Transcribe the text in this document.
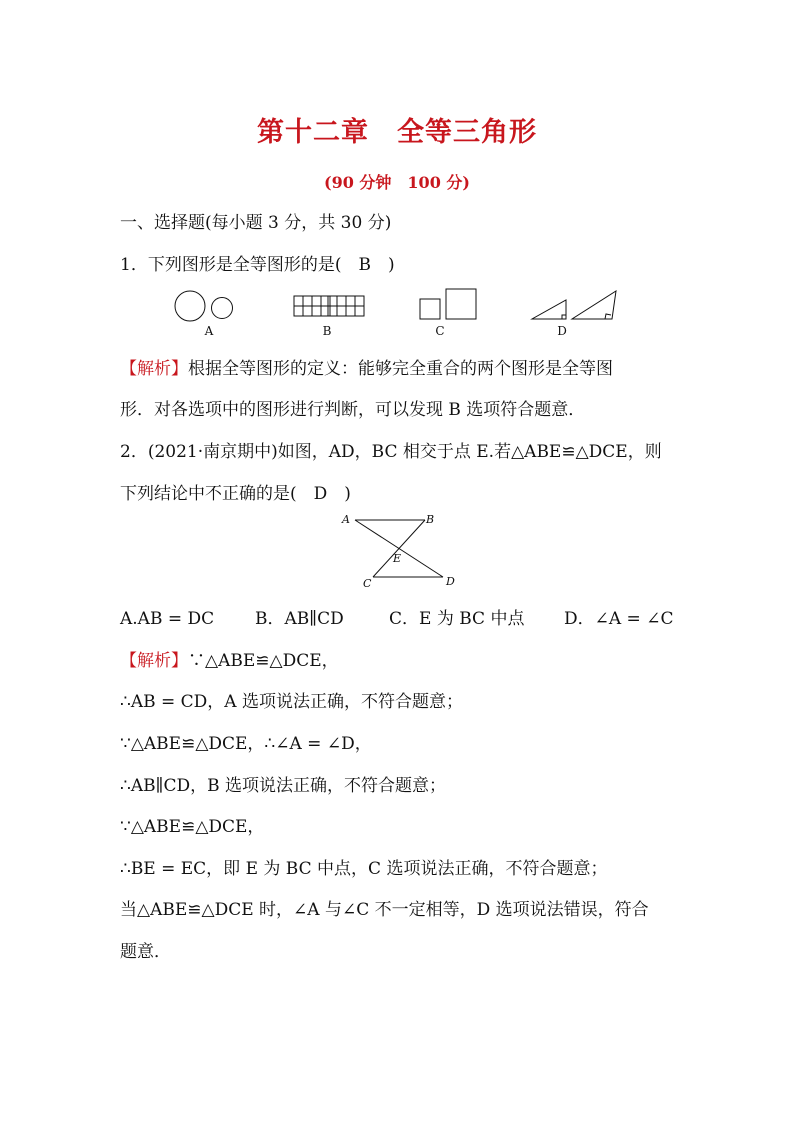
第十二章　全等三角形
(90 分钟　100 分)
一、选择题(每小题 3 分，共 30 分)
1．下列图形是全等图形的是(　B　)
A	B	C	D
【解析】根据全等图形的定义：能够完全重合的两个图形是全等图
形．对各选项中的图形进行判断，可以发现 B 选项符合题意．
2．(2021·南京期中)如图，AD，BC 相交于点 E.若△ABE≌△DCE，则
下列结论中不正确的是(　D　)
A	B
E
C	D
A.AB = DC B．AB∥CD	C．E 为 BC 中点 D．∠A = ∠C
【解析】∵△ABE≌△DCE，
∴AB = CD，A 选项说法正确，不符合题意；
∵△ABE≌△DCE，∴∠A = ∠D，
∴AB∥CD，B 选项说法正确，不符合题意；
∵△ABE≌△DCE，
∴BE = EC，即 E 为 BC 中点，C 选项说法正确，不符合题意；
当△ABE≌△DCE 时，∠A 与∠C 不一定相等，D 选项说法错误，符合
题意．
